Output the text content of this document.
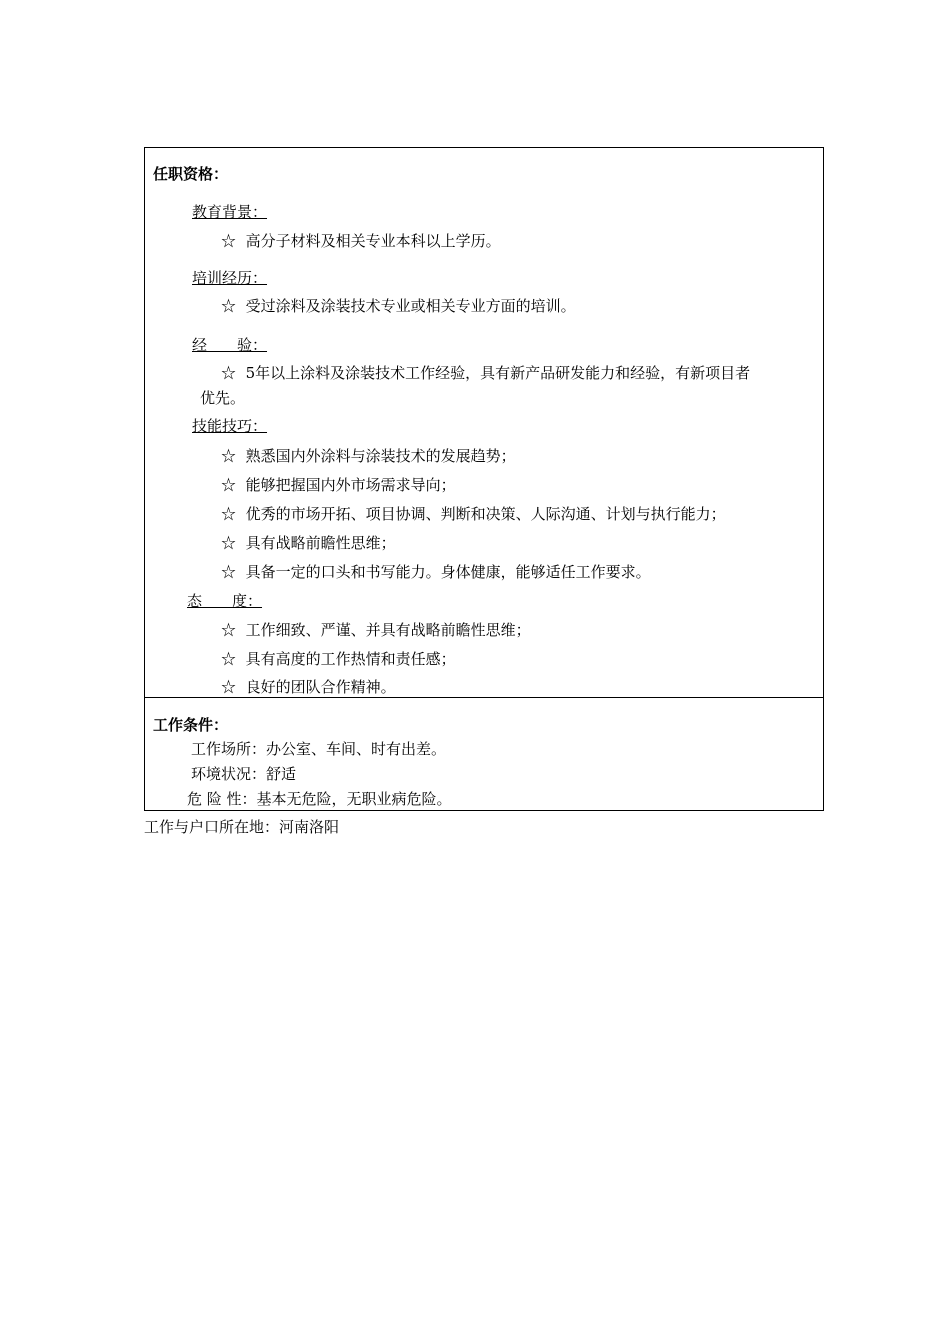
任职资格：
教育背景：
☆ 高分子材料及相关专业本科以上学历。
培训经历：
☆ 受过涂料及涂装技术专业或相关专业方面的培训。
经　　验：
☆ 5年以上涂料及涂装技术工作经验，具有新产品研发能力和经验，有新项目者
优先。
技能技巧：
☆ 熟悉国内外涂料与涂装技术的发展趋势；
☆ 能够把握国内外市场需求导向；
☆ 优秀的市场开拓、项目协调、判断和决策、人际沟通、计划与执行能力；
☆ 具有战略前瞻性思维；
☆ 具备一定的口头和书写能力。身体健康，能够适任工作要求。
态　　度：
☆ 工作细致、严谨、并具有战略前瞻性思维；
☆ 具有高度的工作热情和责任感；
☆ 良好的团队合作精神。
工作条件：
工作场所：办公室、车间、时有出差。
环境状况：舒适
危 险 性：基本无危险，无职业病危险。
工作与户口所在地：河南洛阳
